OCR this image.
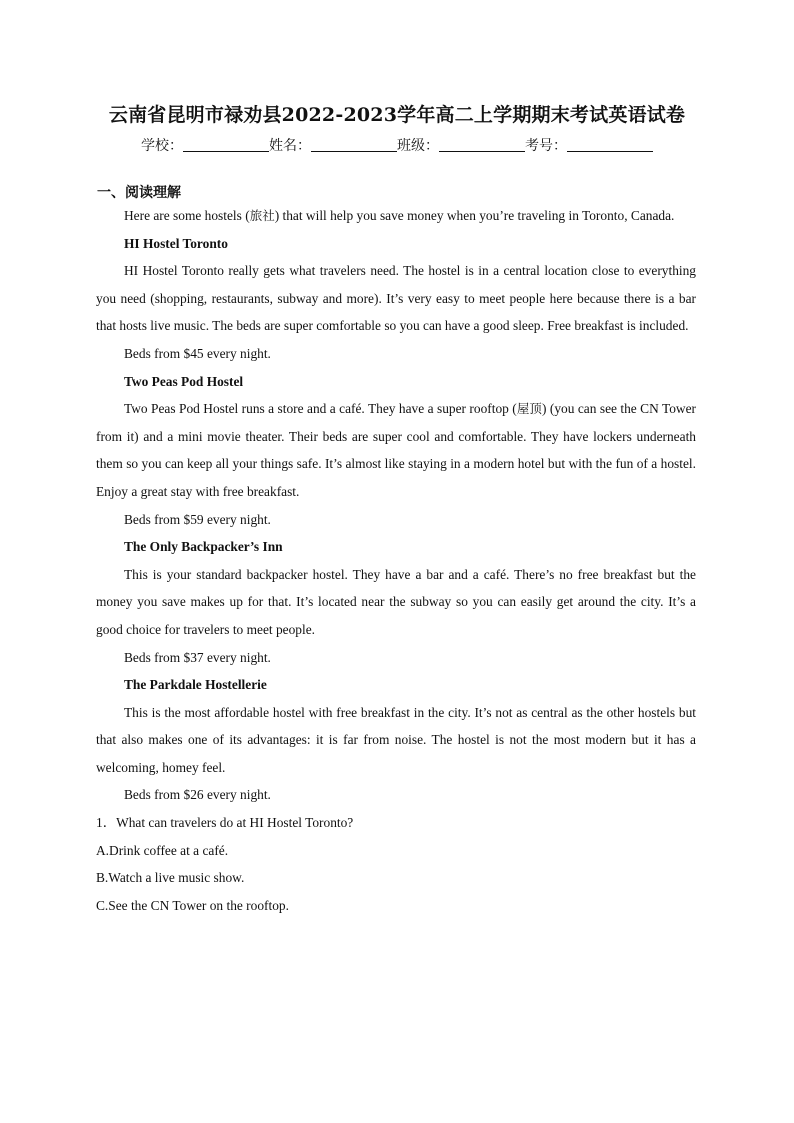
云南省昆明市禄劝县2022-2023学年高二上学期期末考试英语试卷
学校：	姓名：	班级：	考号：
一、阅读理解

Here are some hostels (旅社) that will help you save money when you’re traveling in Toronto, Canada.

HI Hostel Toronto

HI Hostel Toronto really gets what travelers need. The hostel is in a central location close to everything you need (shopping, restaurants, subway and more). It’s very easy to meet people here because there is a bar that hosts live music. The beds are super comfortable so you can have a good sleep. Free breakfast is included.

Beds from $45 every night.

Two Peas Pod Hostel

Two Peas Pod Hostel runs a store and a café. They have a super rooftop (屋顶) (you can see the CN Tower from it) and a mini movie theater. Their beds are super cool and comfortable. They have lockers underneath them so you can keep all your things safe. It’s almost like staying in a modern hotel but with the fun of a hostel. Enjoy a great stay with free breakfast.

Beds from $59 every night.

The Only Backpacker’s Inn

This is your standard backpacker hostel. They have a bar and a café. There’s no free breakfast but the money you save makes up for that. It’s located near the subway so you can easily get around the city. It’s a good choice for travelers to meet people.

Beds from $37 every night.

The Parkdale Hostellerie

This is the most affordable hostel with free breakfast in the city. It’s not as central as the other hostels but that also makes one of its advantages: it is far from noise. The hostel is not the most modern but it has a welcoming, homey feel.

Beds from $26 every night.

1．What can travelers do at HI Hostel Toronto?

A.Drink coffee at a café.

B.Watch a live music show.

C.See the CN Tower on the rooftop.
